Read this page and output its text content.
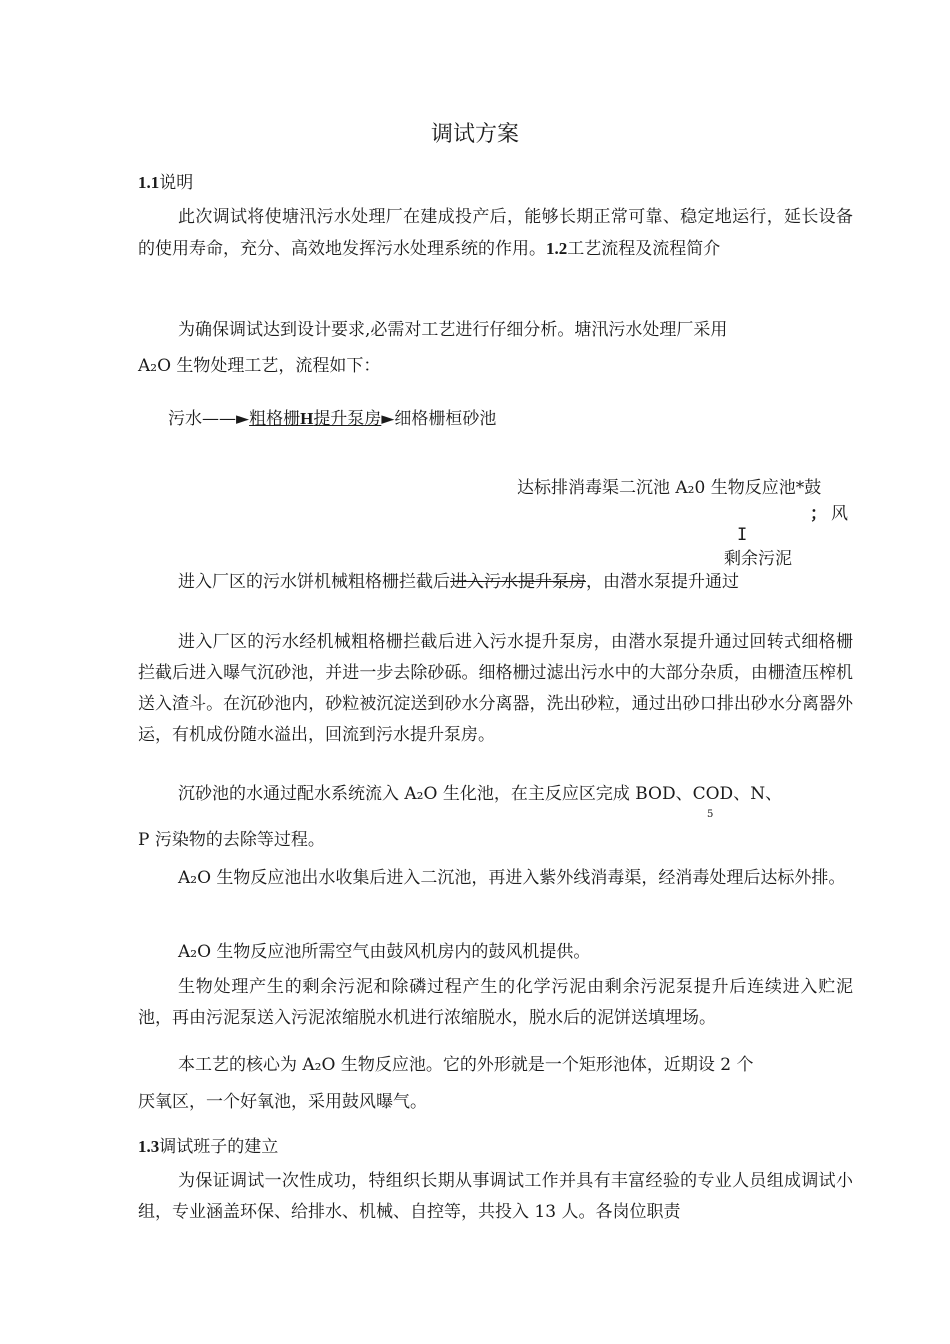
调试方案
1.1说明
此次调试将使塘汛污水处理厂在建成投产后，能够长期正常可靠、稳定地运行，延长设备的使用寿命，充分、高效地发挥污水处理系统的作用。1.2工艺流程及流程简介
为确保调试达到设计要求,必需对工艺进行仔细分析。塘汛污水处理厂采用
A₂O 生物处理工艺，流程如下：
污水——►粗格栅H提升泵房►细格栅桓砂池
达标排消毒渠二沉池 A₂0 生物反应池*鼓
； 风
I
剩余污泥
进入厂区的污水饼机械粗格栅拦截后进入污水提升泵房，由潜水泵提升通过
进入厂区的污水经机械粗格栅拦截后进入污水提升泵房，由潜水泵提升通过回转式细格栅拦截后进入曝气沉砂池，并进一步去除砂砾。细格栅过滤出污水中的大部分杂质，由栅渣压榨机送入渣斗。在沉砂池内，砂粒被沉淀送到砂水分离器，洗出砂粒，通过出砂口排出砂水分离器外运，有机成份随水溢出，回流到污水提升泵房。
沉砂池的水通过配水系统流入 A₂O 生化池，在主反应区完成 BOD、COD、N、
5
P 污染物的去除等过程。
A₂O 生物反应池出水收集后进入二沉池，再进入紫外线消毒渠，经消毒处理后达标外排。
A₂O 生物反应池所需空气由鼓风机房内的鼓风机提供。
生物处理产生的剩余污泥和除磷过程产生的化学污泥由剩余污泥泵提升后连续进入贮泥池，再由污泥泵送入污泥浓缩脱水机进行浓缩脱水，脱水后的泥饼送填埋场。
本工艺的核心为 A₂O 生物反应池。它的外形就是一个矩形池体，近期设 2 个
厌氧区，一个好氧池，采用鼓风曝气。
1.3调试班子的建立
为保证调试一次性成功，特组织长期从事调试工作并具有丰富经验的专业人员组成调试小组，专业涵盖环保、给排水、机械、自控等，共投入 13 人。各岗位职责
